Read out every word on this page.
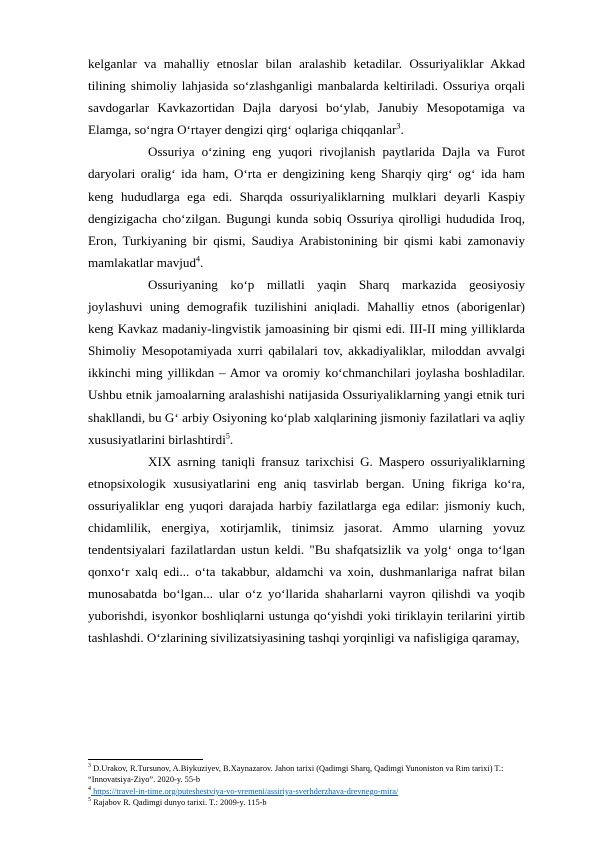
kelganlar va mahalliy etnoslar bilan aralashib ketadilar. Ossuriyaliklar Akkad tilining shimoliy lahjasida so‘zlashganligi manbalarda keltiriladi. Ossuriya orqali savdogarlar Kavkazortidan Dajla daryosi bo‘ylab, Janubiy Mesopotamiga va Elamga, so‘ngra O‘rtayer dengizi qirg‘ oqlariga chiqqanlar$^3$.

Ossuriya o‘zining eng yuqori rivojlanish paytlarida Dajla va Furot daryolari oralig‘ ida ham, O‘rta er dengizining keng Sharqiy qirg‘ og‘ ida ham keng hududlarga ega edi. Sharqda ossuriyaliklarning mulklari deyarli Kaspiy dengizigacha cho‘zilgan. Bugungi kunda sobiq Ossuriya qirolligi hududida Iroq, Eron, Turkiyaning bir qismi, Saudiya Arabistonining bir qismi kabi zamonaviy mamlakatlar mavjud$^4$.

Ossuriyaning ko‘p millatli yaqin Sharq markazida geosiyosiy joylashuvi uning demografik tuzilishini aniqladi. Mahalliy etnos (aborigenlar) keng Kavkaz madaniy-lingvistik jamoasining bir qismi edi. III-II ming yilliklarda Shimoliy Mesopotamiyada xurri qabilalari tov, akkadiyaliklar, miloddan avvalgi ikkinchi ming yillikdan – Amor va oromiy ko‘chmanchilari joylasha boshladilar. Ushbu etnik jamoalarning aralashishi natijasida Ossuriyaliklarning yangi etnik turi shakllandi, bu G‘ arbiy Osiyoning ko‘plab xalqlarining jismoniy fazilatlari va aqliy xususiyatlarini birlashtirdi$^5$.

XIX asrning taniqli fransuz tarixchisi G. Maspero ossuriyaliklarning etnopsixologik xususiyatlarini eng aniq tasvirlab bergan. Uning fikriga ko‘ra, ossuriyaliklar eng yuqori darajada harbiy fazilatlarga ega edilar: jismoniy kuch, chidamlilik, energiya, xotirjamlik, tinimsiz jasorat. Ammo ularning yovuz tendentsiyalari fazilatlardan ustun keldi. "Bu shafqatsizlik va yolg‘ onga to‘lgan qonxo‘r xalq edi... o‘ta takabbur, aldamchi va xoin, dushmanlariga nafrat bilan munosabatda bo‘lgan... ular o‘z yo‘llarida shaharlarni vayron qilishdi va yoqib yuborishdi, isyonkor boshliqlarni ustunga qo‘yishdi yoki tiriklayin terilarini yirtib tashlashdi. O‘zlarining sivilizatsiyasining tashqi yorqinligi va nafisligiga qaramay,

$^3$ D.Urakov, R.Tursunov, A.Biykuziyev, B.Xaynazarov. Jahon tarixi (Qadimgi Sharq, Qadimgi Yunoniston va Rim tarixi) T.: “Innovatsiya-Ziyo”. 2020-y. 55-b
$^4$ https://travel-in-time.org/puteshestviya-vo-vremeni/assiriya-sverhderzhava-drevnego-mira/
$^5$ Rajabov R. Qadimgi dunyo tarixi. T.: 2009-y. 115-b
